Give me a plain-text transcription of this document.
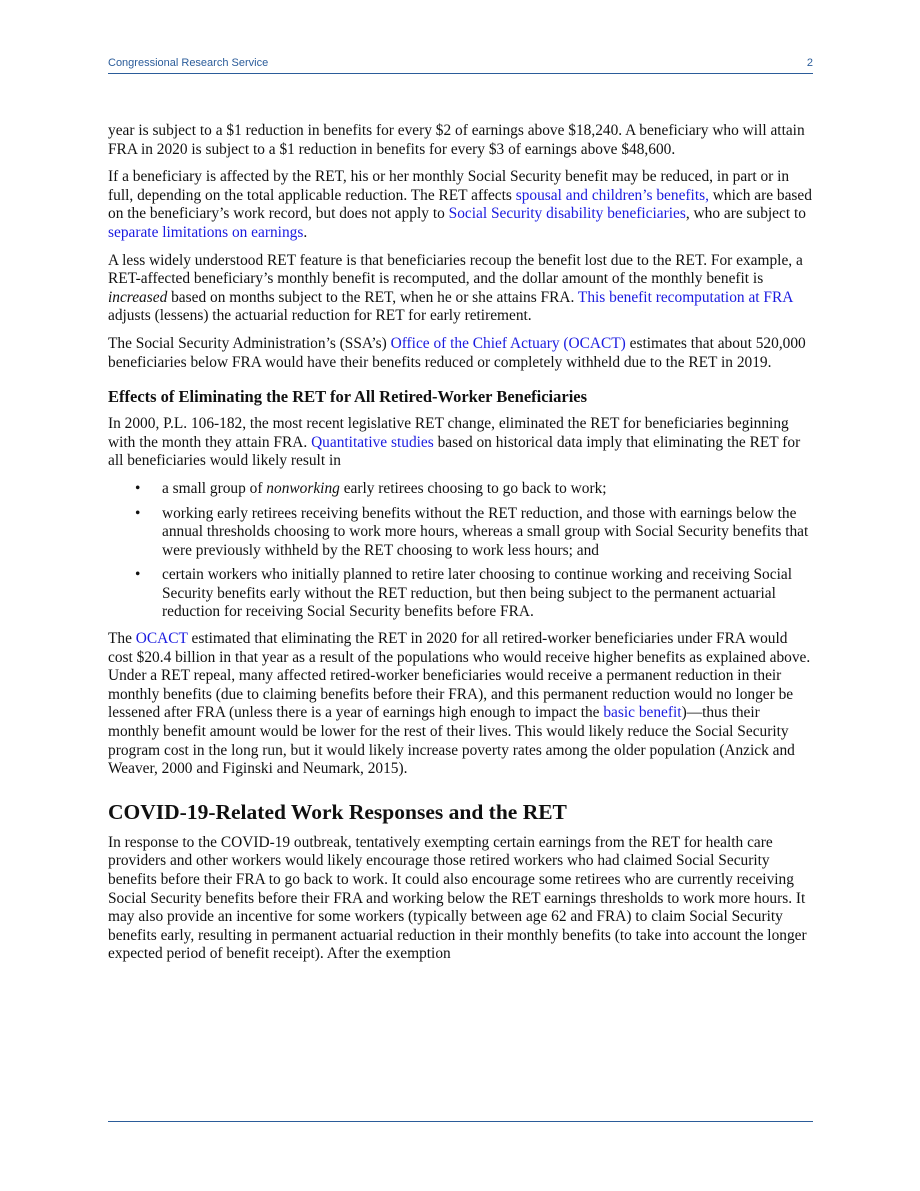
Congressional Research Service	2

year is subject to a $1 reduction in benefits for every $2 of earnings above $18,240. A beneficiary who will attain FRA in 2020 is subject to a $1 reduction in benefits for every $3 of earnings above $48,600.

If a beneficiary is affected by the RET, his or her monthly Social Security benefit may be reduced, in part or in full, depending on the total applicable reduction. The RET affects spousal and children’s benefits, which are based on the beneficiary’s work record, but does not apply to Social Security disability beneficiaries, who are subject to separate limitations on earnings.

A less widely understood RET feature is that beneficiaries recoup the benefit lost due to the RET. For example, a RET-affected beneficiary’s monthly benefit is recomputed, and the dollar amount of the monthly benefit is increased based on months subject to the RET, when he or she attains FRA. This benefit recomputation at FRA adjusts (lessens) the actuarial reduction for RET for early retirement.

The Social Security Administration’s (SSA’s) Office of the Chief Actuary (OCACT) estimates that about 520,000 beneficiaries below FRA would have their benefits reduced or completely withheld due to the RET in 2019.

Effects of Eliminating the RET for All Retired-Worker Beneficiaries

In 2000, P.L. 106-182, the most recent legislative RET change, eliminated the RET for beneficiaries beginning with the month they attain FRA. Quantitative studies based on historical data imply that eliminating the RET for all beneficiaries would likely result in

• a small group of nonworking early retirees choosing to go back to work;
• working early retirees receiving benefits without the RET reduction, and those with earnings below the annual thresholds choosing to work more hours, whereas a small group with Social Security benefits that were previously withheld by the RET choosing to work less hours; and
• certain workers who initially planned to retire later choosing to continue working and receiving Social Security benefits early without the RET reduction, but then being subject to the permanent actuarial reduction for receiving Social Security benefits before FRA.

The OCACT estimated that eliminating the RET in 2020 for all retired-worker beneficiaries under FRA would cost $20.4 billion in that year as a result of the populations who would receive higher benefits as explained above. Under a RET repeal, many affected retired-worker beneficiaries would receive a permanent reduction in their monthly benefits (due to claiming benefits before their FRA), and this permanent reduction would no longer be lessened after FRA (unless there is a year of earnings high enough to impact the basic benefit)—thus their monthly benefit amount would be lower for the rest of their lives. This would likely reduce the Social Security program cost in the long run, but it would likely increase poverty rates among the older population (Anzick and Weaver, 2000 and Figinski and Neumark, 2015).

COVID-19-Related Work Responses and the RET

In response to the COVID-19 outbreak, tentatively exempting certain earnings from the RET for health care providers and other workers would likely encourage those retired workers who had claimed Social Security benefits before their FRA to go back to work. It could also encourage some retirees who are currently receiving Social Security benefits before their FRA and working below the RET earnings thresholds to work more hours. It may also provide an incentive for some workers (typically between age 62 and FRA) to claim Social Security benefits early, resulting in permanent actuarial reduction in their monthly benefits (to take into account the longer expected period of benefit receipt). After the exemption
